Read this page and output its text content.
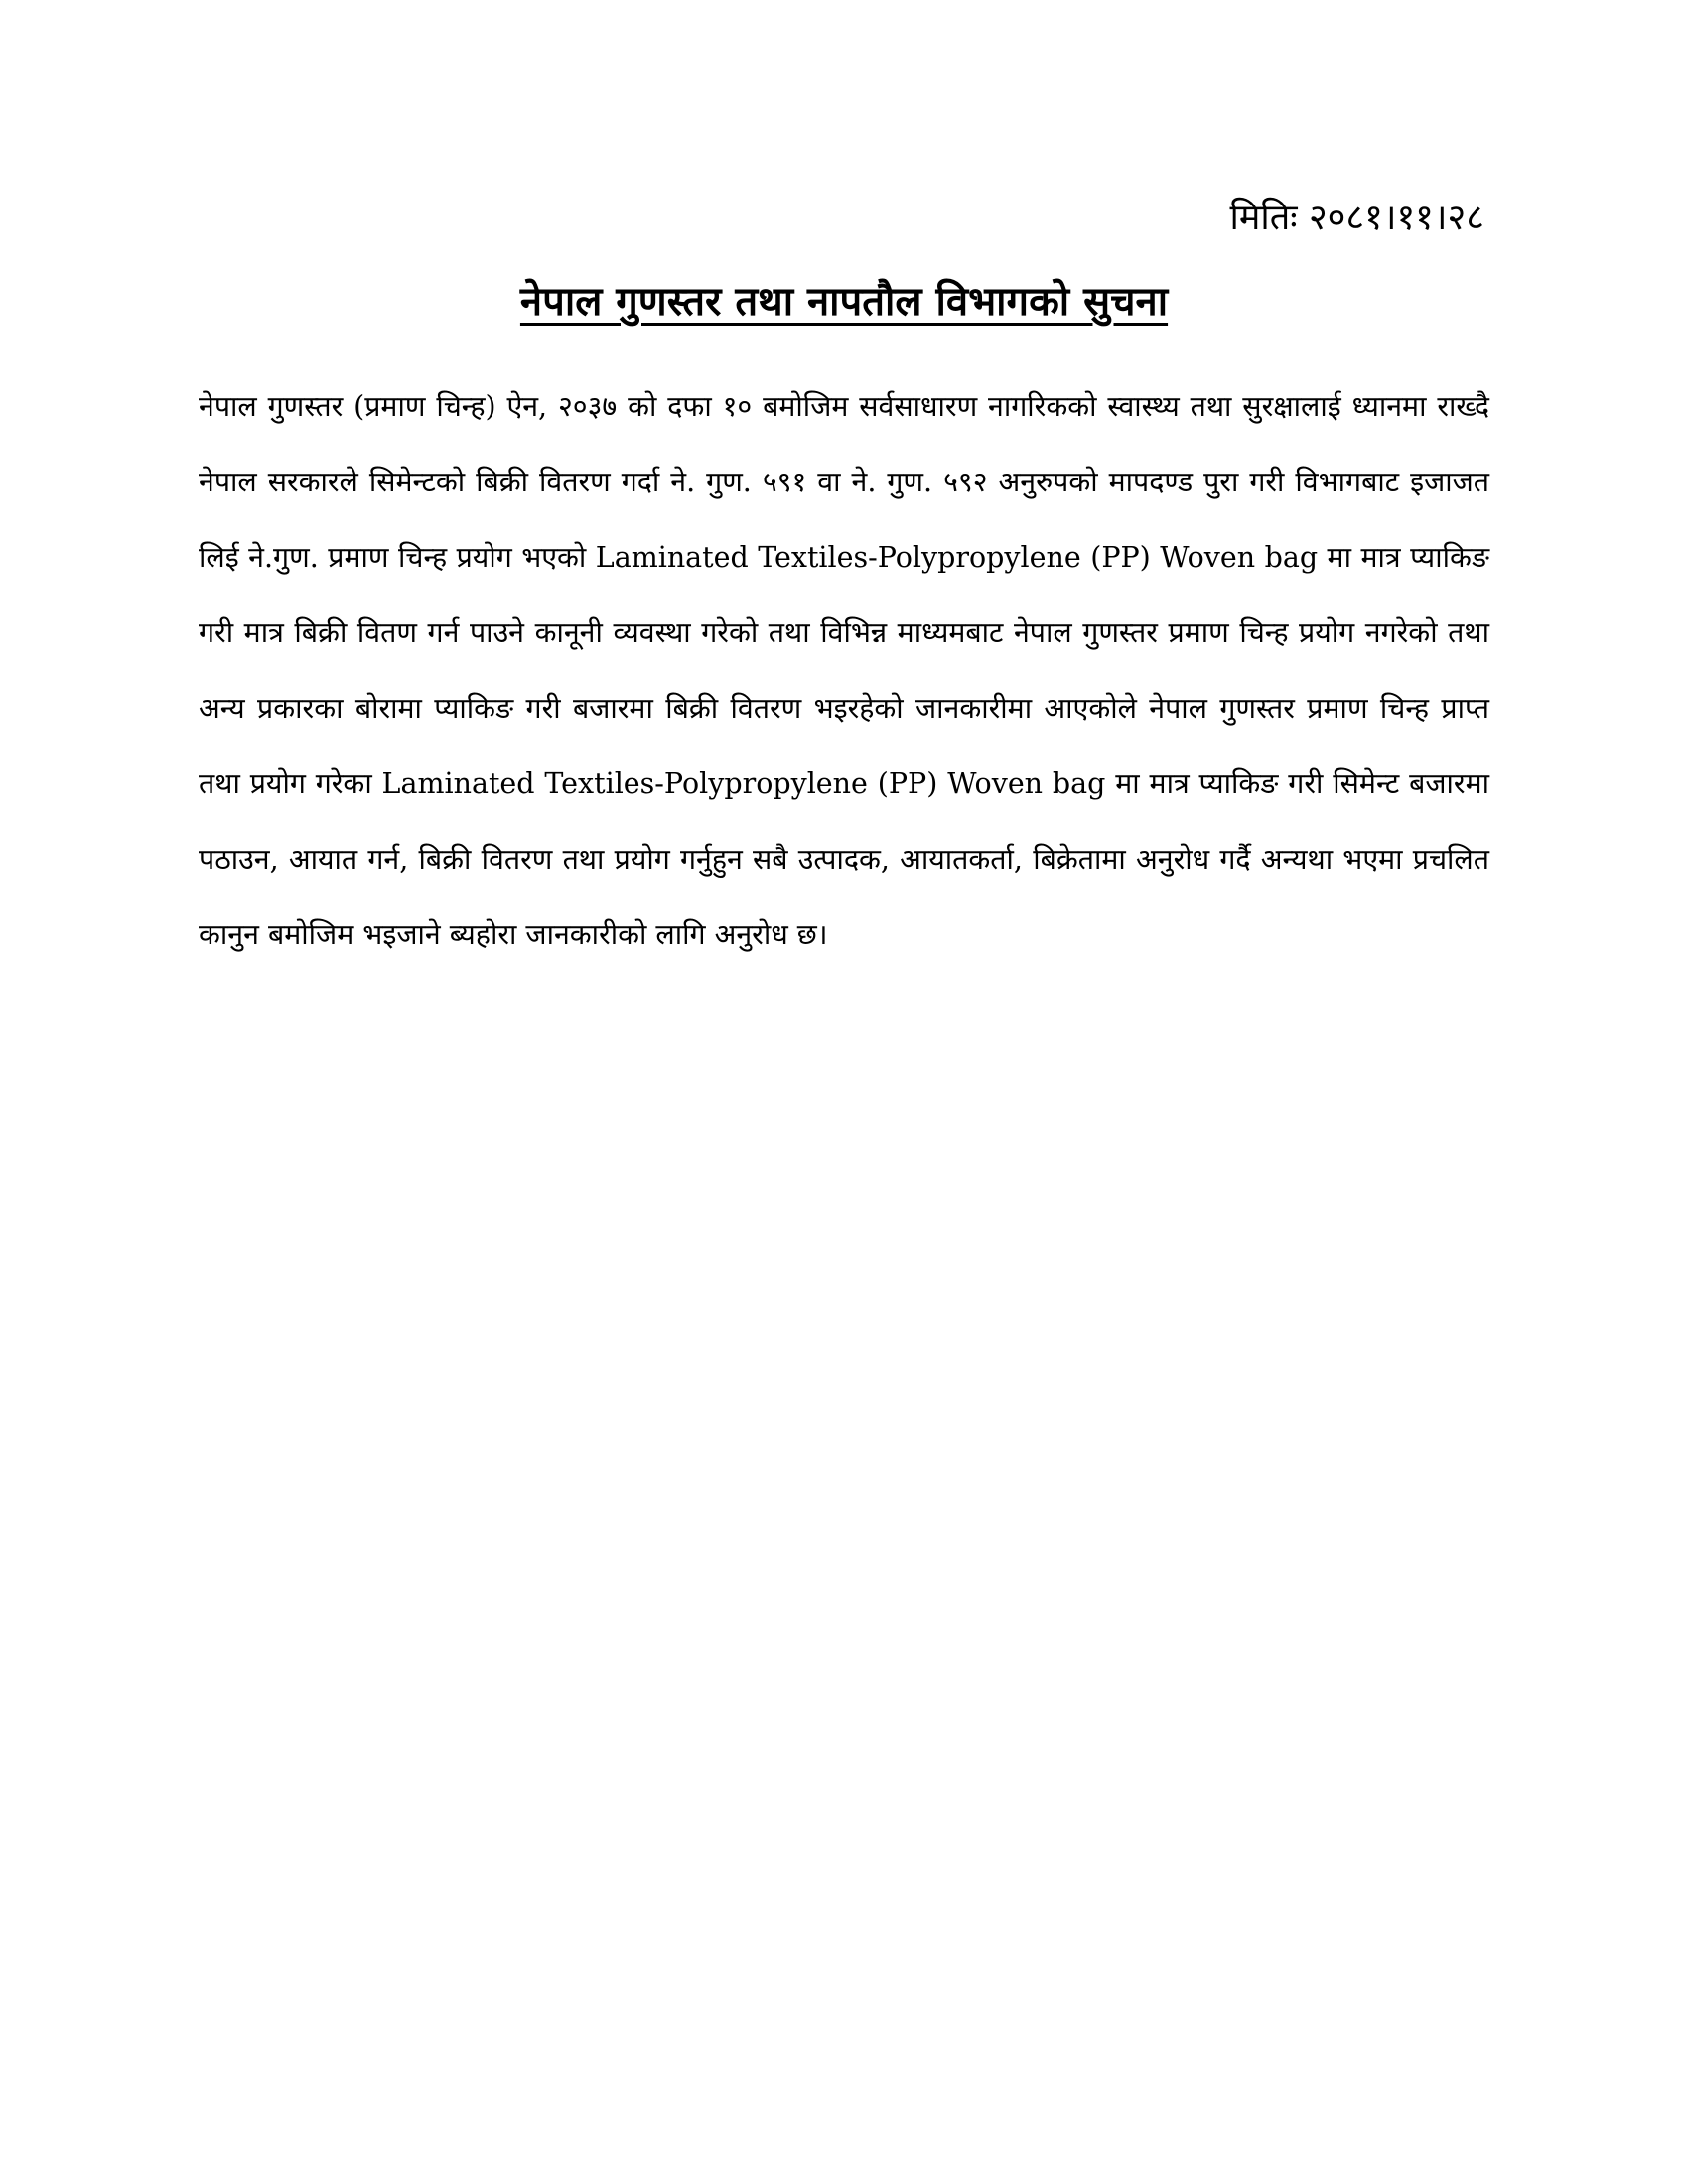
मितिः २०८१।११।२८
नेपाल गुणस्तर तथा नापतौल विभागको सुचना

नेपाल गुणस्तर (प्रमाण चिन्ह) ऐन, २०३७ को दफा १० बमोजिम सर्वसाधारण नागरिकको स्वास्थ्य तथा सुरक्षालाई ध्यानमा राख्दै नेपाल सरकारले सिमेन्टको बिक्री वितरण गर्दा ने. गुण. ५९१ वा ने. गुण. ५९२ अनुरुपको मापदण्ड पुरा गरी विभागबाट इजाजत लिई ने.गुण. प्रमाण चिन्ह प्रयोग भएको Laminated Textiles-Polypropylene (PP) Woven bag मा मात्र प्याकिङ गरी मात्र बिक्री वितण गर्न पाउने कानूनी व्यवस्था गरेको तथा विभिन्न माध्यमबाट नेपाल गुणस्तर प्रमाण चिन्ह प्रयोग नगरेको तथा अन्य प्रकारका बोरामा प्याकिङ गरी बजारमा बिक्री वितरण भइरहेको जानकारीमा आएकोले नेपाल गुणस्तर प्रमाण चिन्ह प्राप्त तथा प्रयोग गरेका Laminated Textiles-Polypropylene (PP) Woven bag मा मात्र प्याकिङ गरी सिमेन्ट बजारमा पठाउन, आयात गर्न, बिक्री वितरण तथा प्रयोग गर्नुहुन सबै उत्पादक, आयातकर्ता, बिक्रेतामा अनुरोध गर्दै अन्यथा भएमा प्रचलित कानुन बमोजिम भइजाने ब्यहोरा जानकारीको लागि अनुरोध छ।
